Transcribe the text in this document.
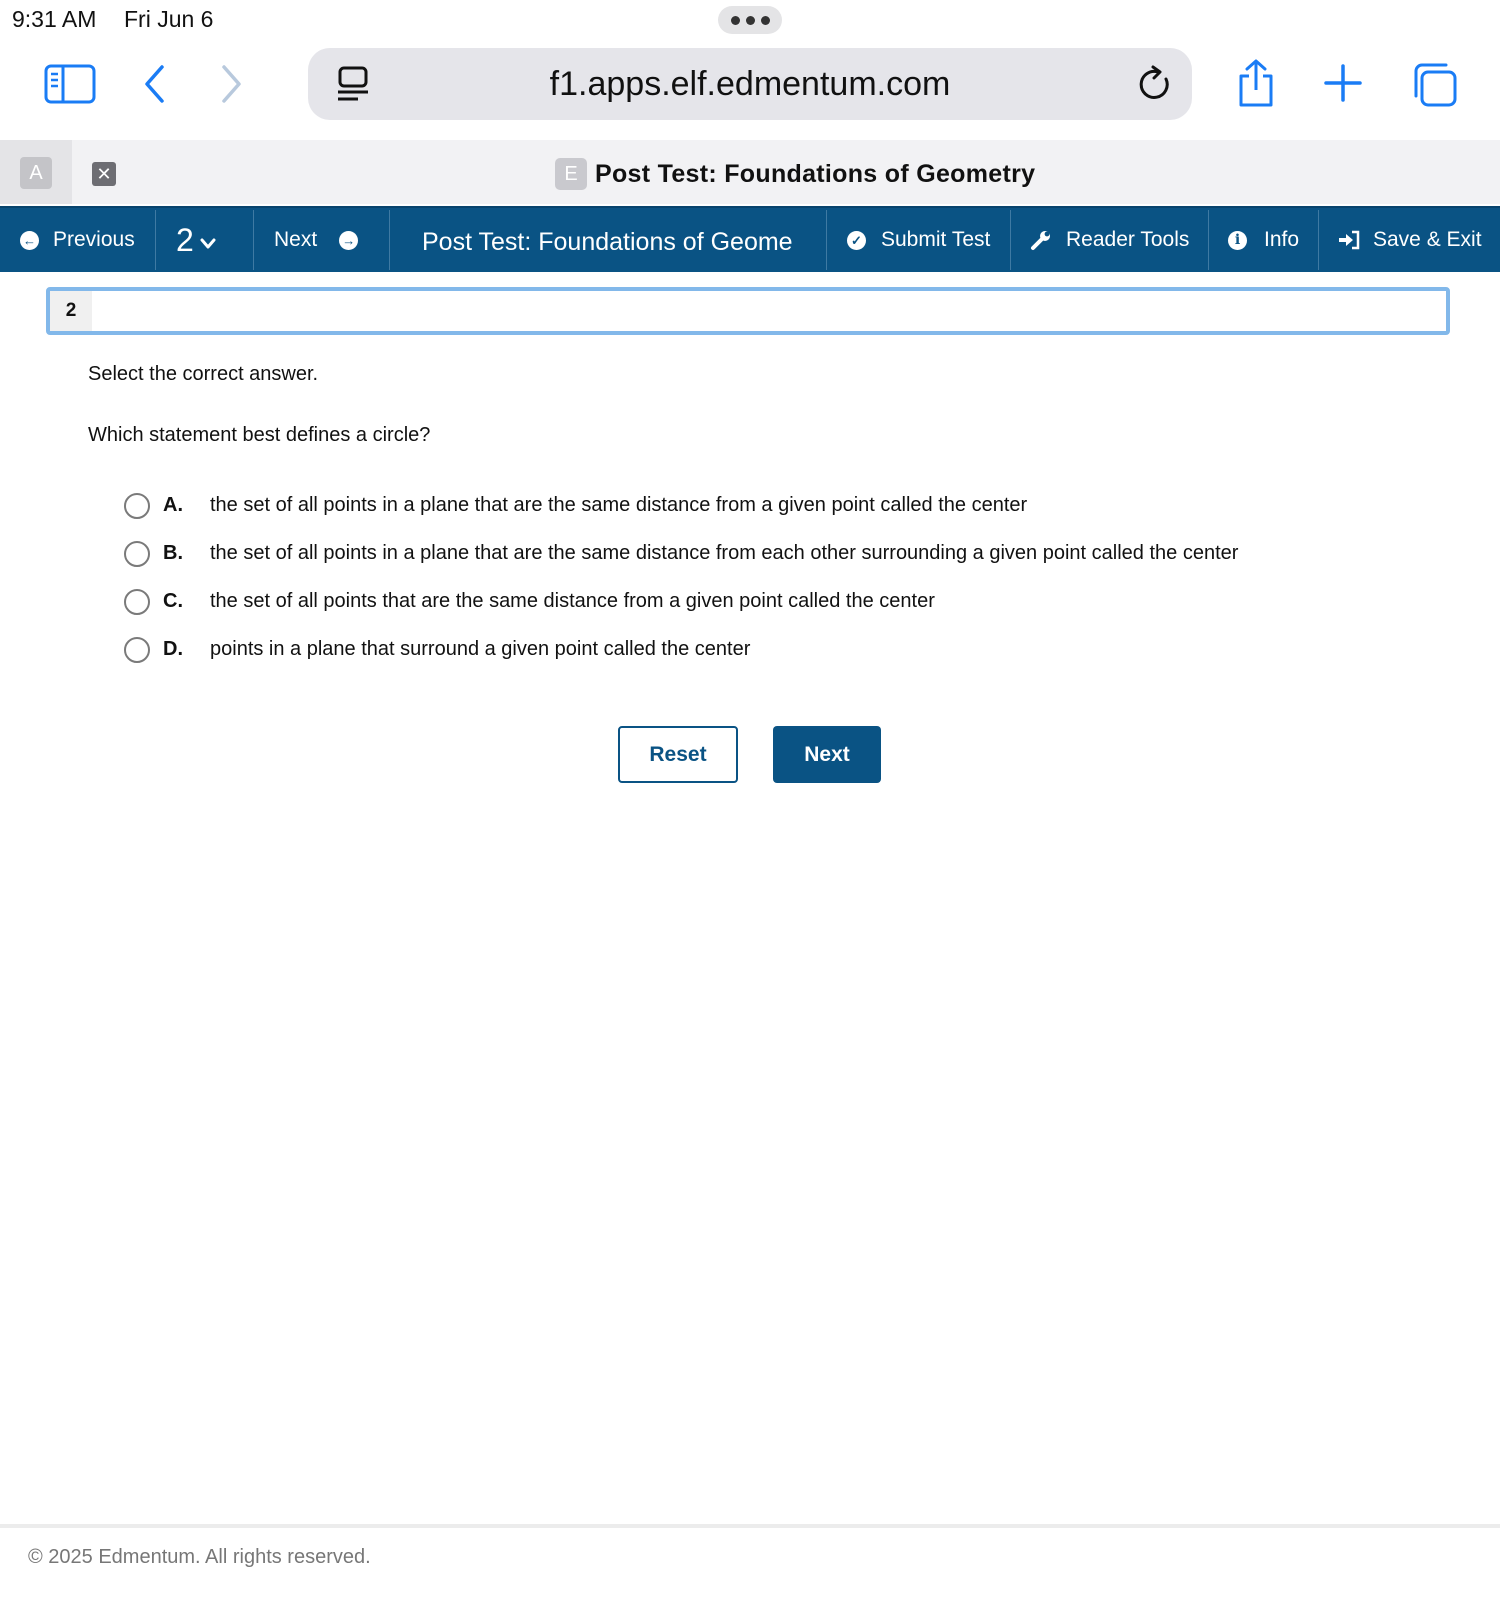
9:31 AM Fri Jun 6
f1.apps.elf.edmentum.com
A	✕	E Post Test: Foundations of Geometry
← Previous 2	Next →	Post Test: Foundations of Geome	✓ Submit Test	Reader Tools	i	Info	Save & Exit
2
Select the correct answer.
Which statement best defines a circle?
A. the set of all points in a plane that are the same distance from a given point called the center
B. the set of all points in a plane that are the same distance from each other surrounding a given point called the center
C. the set of all points that are the same distance from a given point called the center
D. points in a plane that surround a given point called the center
Reset	Next
© 2025 Edmentum. All rights reserved.
